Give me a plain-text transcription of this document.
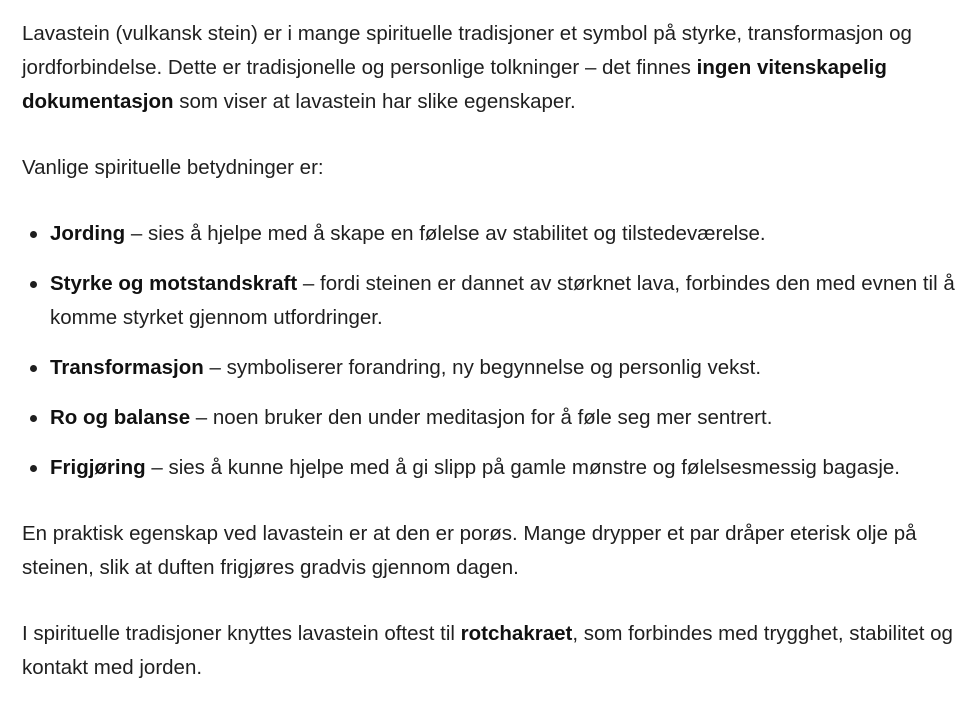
Lavastein (vulkansk stein) er i mange spirituelle tradisjoner et symbol på styrke, transformasjon og jordforbindelse. Dette er tradisjonelle og personlige tolkninger – det finnes ingen vitenskapelig dokumentasjon som viser at lavastein har slike egenskaper.

Vanlige spirituelle betydninger er:

Jording – sies å hjelpe med å skape en følelse av stabilitet og tilstedeværelse.
Styrke og motstandskraft – fordi steinen er dannet av størknet lava, forbindes den med evnen til å komme styrket gjennom utfordringer.
Transformasjon – symboliserer forandring, ny begynnelse og personlig vekst.
Ro og balanse – noen bruker den under meditasjon for å føle seg mer sentrert.
Frigjøring – sies å kunne hjelpe med å gi slipp på gamle mønstre og følelsesmessig bagasje.

En praktisk egenskap ved lavastein er at den er porøs. Mange drypper et par dråper eterisk olje på steinen, slik at duften frigjøres gradvis gjennom dagen.

I spirituelle tradisjoner knyttes lavastein oftest til rotchakraet, som forbindes med trygghet, stabilitet og kontakt med jorden.
